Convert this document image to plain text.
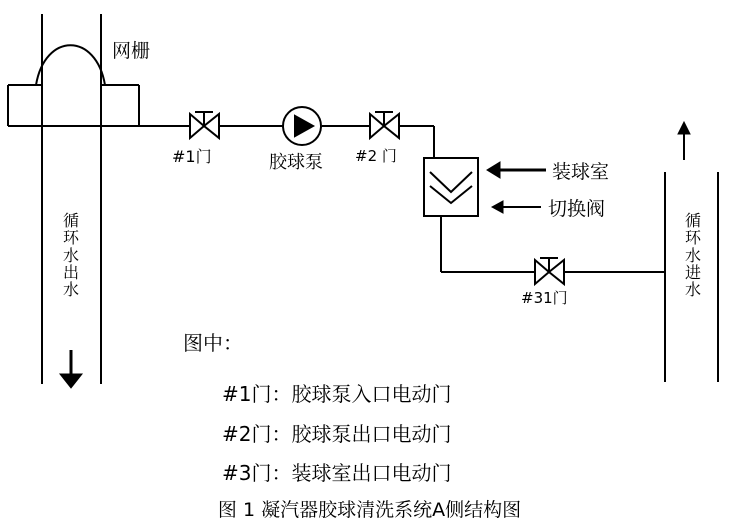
网栅
#1门	胶球泵 #2 门
#31门
装球室
切换阀
循环水出水
循环水进水
图中：
#1门：胶球泵入口电动门
#2门：胶球泵出口电动门
#3门：装球室出口电动门
图 1 凝汽器胶球清洗系统A侧结构图
